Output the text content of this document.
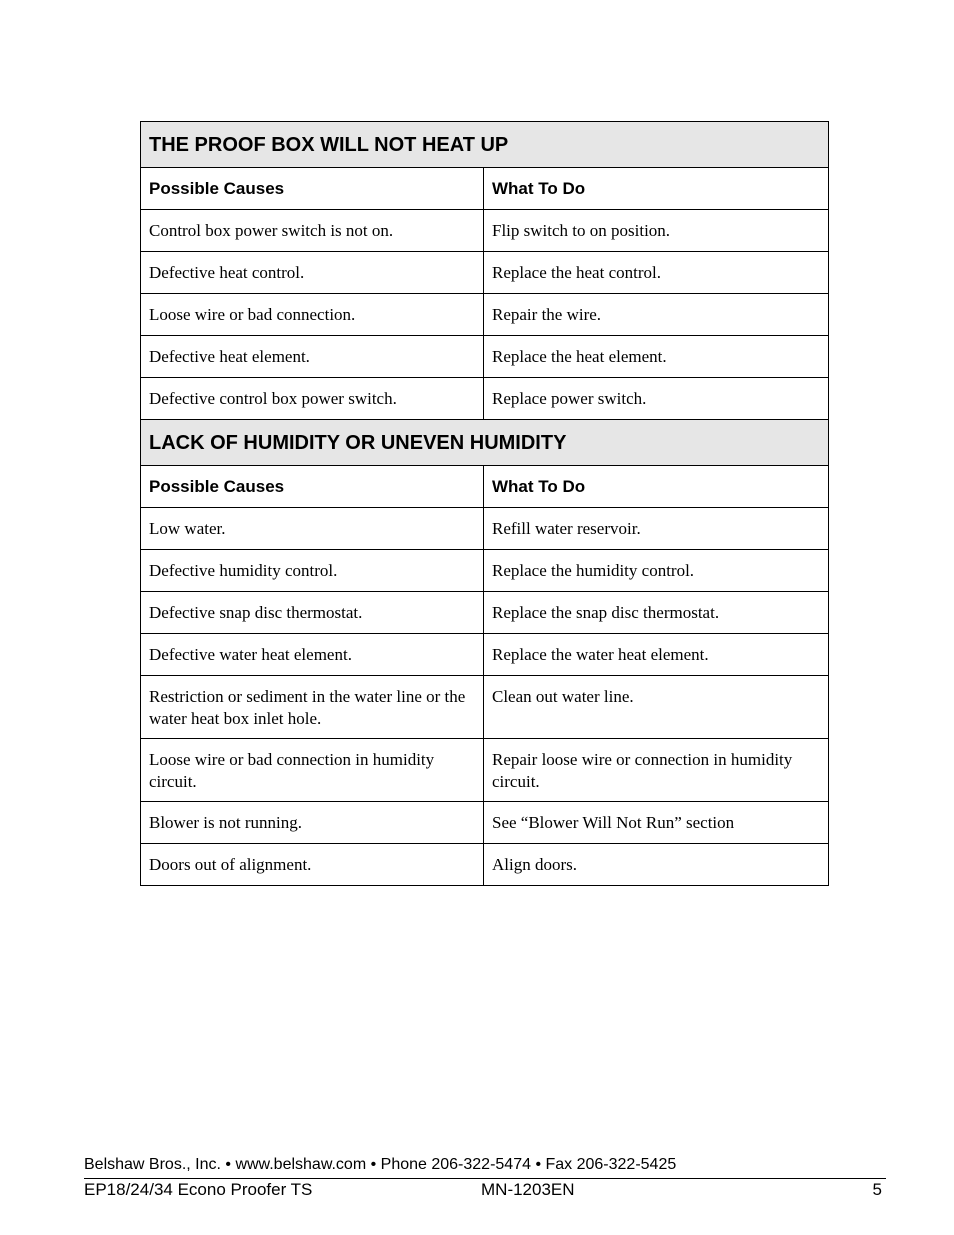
THE PROOF BOX WILL NOT HEAT UP	
Possible Causes	What To Do
Control box power switch is not on.	Flip switch to on position.
Defective heat control.	Replace the heat control.
Loose wire or bad connection.	Repair the wire.
Defective heat element.	Replace the heat element.
Defective control box power switch.	Replace power switch.
LACK OF HUMIDITY OR UNEVEN HUMIDITY	
Possible Causes	What To Do
Low water.	Refill water reservoir.
Defective humidity control.	Replace the humidity control.
Defective snap disc thermostat.	Replace the snap disc thermostat.
Defective water heat element.	Replace the water heat element.
Restriction or sediment in the water line or the water heat box inlet hole.	Clean out water line.
Loose wire or bad connection in humidity circuit.	Repair loose wire or connection in humidity circuit.
Blower is not running.	See “Blower Will Not Run” section
Doors out of alignment.	Align doors.
Belshaw Bros., Inc. • www.belshaw.com • Phone 206-322-5474 • Fax 206-322-5425
EP18/24/34 Econo Proofer TS	MN-1203EN	5
